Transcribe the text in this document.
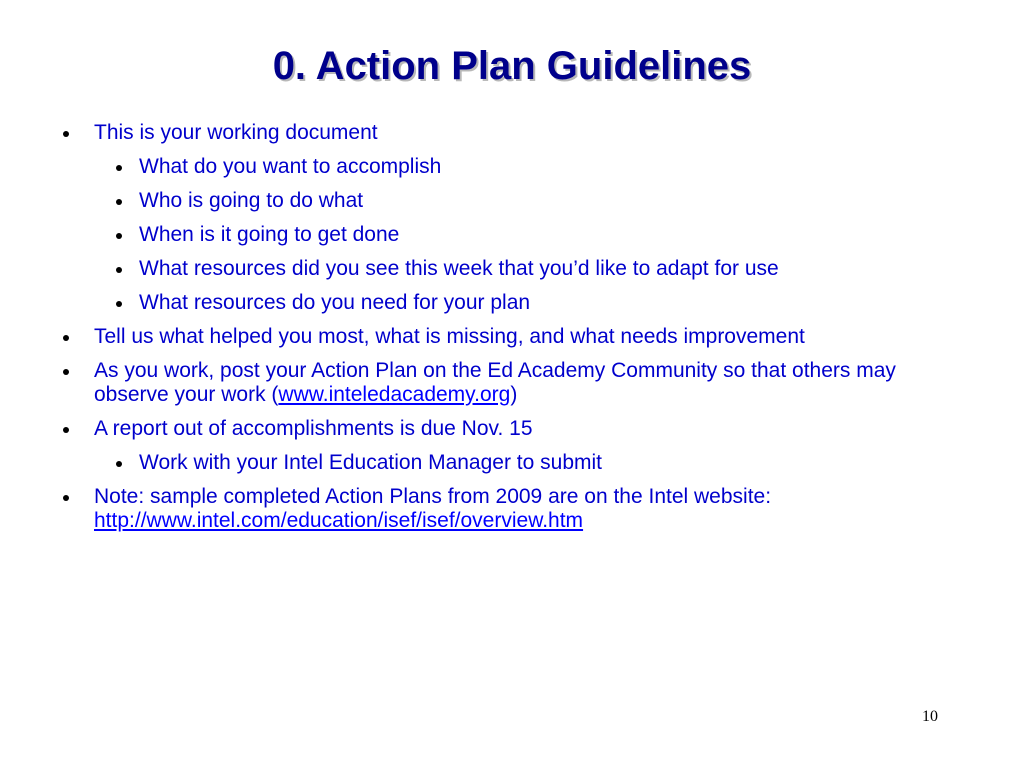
0. Action Plan Guidelines
This is your working document
What do you want to accomplish
Who is going to do what
When is it going to get done
What resources did you see this week that you’d like to adapt for use
What resources do you need for your plan
Tell us what helped you most, what is missing, and what needs improvement
As you work, post your Action Plan on the Ed Academy Community so that others may observe your work (www.inteledacademy.org)
A report out of accomplishments is due Nov. 15
Work with your Intel Education Manager to submit
Note: sample completed Action Plans from 2009 are on the Intel website:
http://www.intel.com/education/isef/isef/overview.htm
10
